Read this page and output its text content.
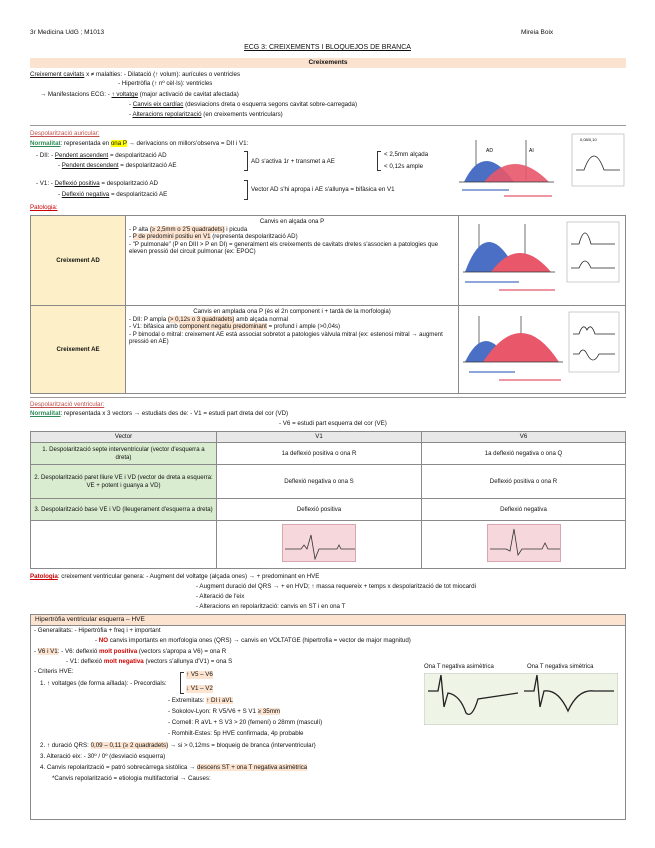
3r Medicina UdG ; M1013	Mireia Boix
ECG 3: CREIXEMENTS I BLOQUEJOS DE BRANCA
Creixements
Creixement cavitats x ≠ malalties: - Dilatació (↑ volum): aurícules o ventricles
- Hipertròfia (↑ nº cèl·ls): ventricles
→ Manifestacions ECG: - ↑ voltatge (major activació de cavitat afectada)
- Canvis eix cardíac (desviacions dreta o esquerra segons cavitat sobre-carregada)
- Alteracions repolarització (en creixements ventriculars)
Despolarització auricular:
Normalitat: representada en ona P → derivacions on millors'observa = DII i V1:
- DII: - Pendent ascendent = despolarització AD
- Pendent descendent = despolarització AE
AD s'activa 1r + transmet a AE
< 2,5mm alçada
< 0,12s ample
- V1: - Deflexió positiva = despolarització AD
- Deflexió negativa = despolarització AE
Vector AD s'hi apropa i AE s'allunya = bifàsica en V1
AD	AI
0,08/0,10
Patologia:
Creixement AD	Canvis en alçada ona P
- P alta (≥ 2,5mm o 2'5 quadradets) i picuda
- P de predomini positiu en V1 (representa despolarització AD)
- "P pulmonale" (P en DIII > P en DI) = generalment els creixements de cavitats dretes s'associen a patologies que eleven pressió del circuit pulmonar (ex: EPOC)

Creixement AE	Canvis en amplada ona P (és el 2n component i + tardà de la morfologia)
- DII: P ampla (> 0,12s o 3 quadradets) amb alçada normal
- V1: bifàsica amb component negatiu predominant = profund i ample (>0,04s)
- P bimodal o mitral: creixement AE està associat sobretot a patologies vàlvula mitral (ex: estenosi mitral → augment pressió en AE)

Despolarització ventricular:
Normalitat: representada x 3 vectors → estudiats des de: - V1 = estudi part dreta del cor (VD)
- V6 = estudi part esquerra del cor (VE)
Vector	V1	V6
1. Despolarització septe interventricular (vector d'esquerra a dreta)	1a deflexió positiva o ona R	1a deflexió negativa o ona Q
2. Despolarització paret lliure VE i VD (vector de dreta a esquerra: VE + potent i guanya a VD)	Deflexió negativa o ona S	Deflexió positiva o ona R
3. Despolarització base VE i VD (lleugerament d'esquerra a dreta)	Deflexió positiva	Deflexió negativa

Patologia: creixement ventricular genera: - Augment del voltatge (alçada ones) → + predominant en HVE
- Augment duració del QRS → + en HVD; ↑ massa requereix + temps x despolarització de tot miocardi
- Alteració de l'eix
- Alteracions en repolarització: canvis en ST i en ona T
Hipertròfia ventricular esquerra – HVE
- Generalitats: - Hipertròfia + freq i + important
- NO canvis importants en morfologia ones (QRS) → canvis en VOLTATGE (hipertrofia = vector de major magnitud)
- V6 i V1: - V6: deflexió molt positiva (vectors s'apropa a V6) = ona R
- V1: deflexió molt negativa (vectors s'allunya d'V1) = ona S
- Criteris HVE:
1. ↑ voltatges (de forma aïllada): - Precordials:
↑ V5 – V6
↓ V1 – V2
- Extremitats: ↑ DI i aVL
- Sokolov-Lyon: R V5/V6 + S V1 ≥ 35mm
- Cornell: R aVL + S V3 > 20 (femení) o 28mm (masculí)
- Romhilt-Estes: 5p HVE confirmada, 4p probable
2. ↑ duració QRS: 0,09 – 0,11 (≥ 2 quadradets) → si > 0,12ms = bloqueig de branca (interventricular)
3. Alteració eix: - 30º / 0º (desviació esquerra)
4. Canvis repolarització = patró sobrecàrrega sistòlica → descens ST + ona T negativa asimètrica
*Canvis repolarització = etiologia multifactorial → Causes:
Ona T negativa asimètrica	Ona T negativa simètrica
